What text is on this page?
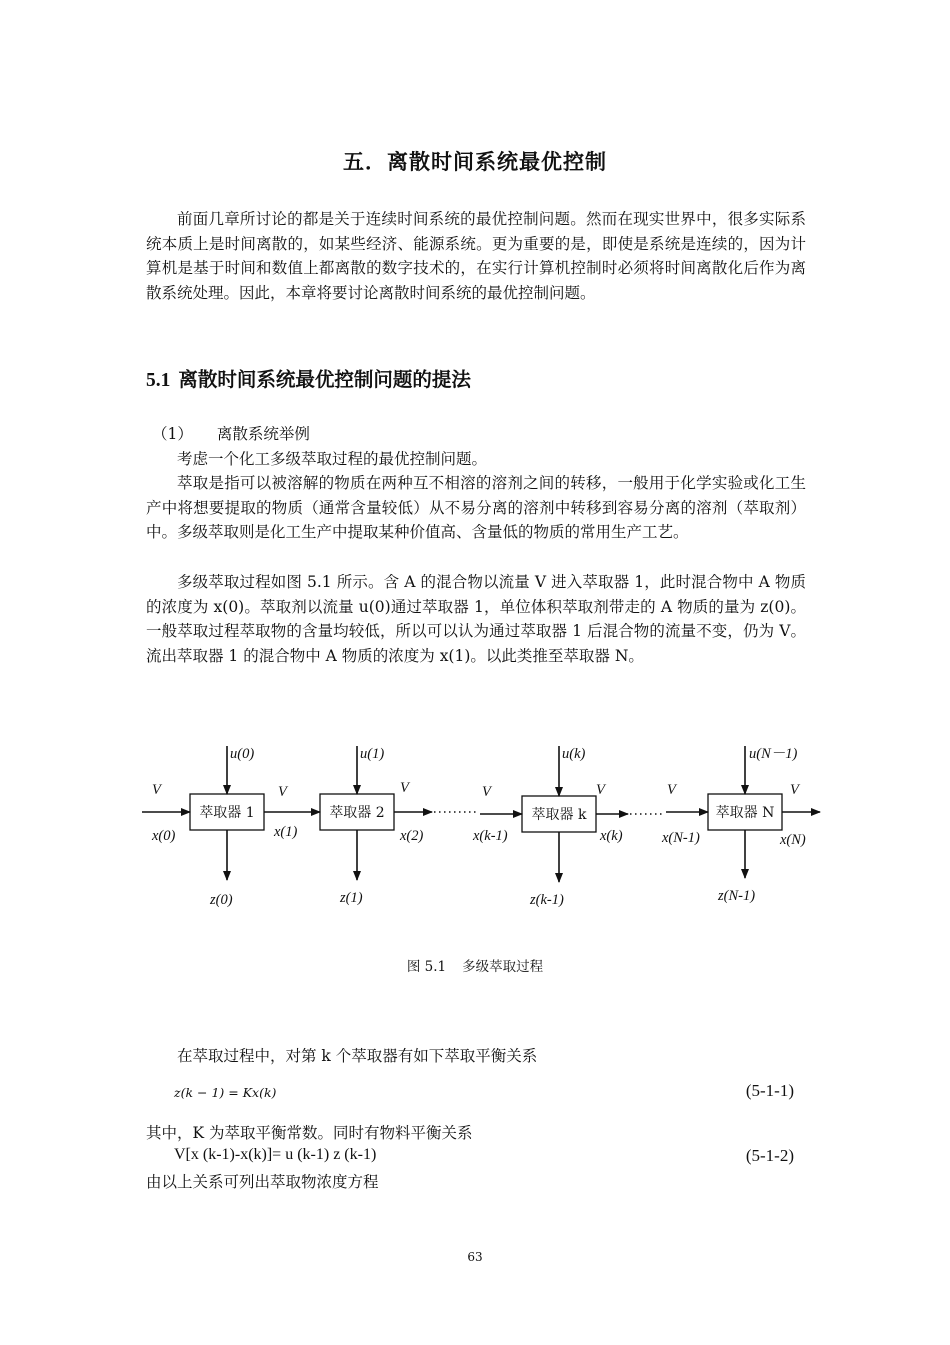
五．离散时间系统最优控制
前面几章所讨论的都是关于连续时间系统的最优控制问题。然而在现实世界中，很多实际系统本质上是时间离散的，如某些经济、能源系统。更为重要的是，即使是系统是连续的，因为计算机是基于时间和数值上都离散的数字技术的，在实行计算机控制时必须将时间离散化后作为离散系统处理。因此，本章将要讨论离散时间系统的最优控制问题。
5.1 离散时间系统最优控制问题的提法
（1） 离散系统举例
考虑一个化工多级萃取过程的最优控制问题。
萃取是指可以被溶解的物质在两种互不相溶的溶剂之间的转移，一般用于化学实验或化工生产中将想要提取的物质（通常含量较低）从不易分离的溶剂中转移到容易分离的溶剂（萃取剂）中。多级萃取则是化工生产中提取某种价值高、含量低的物质的常用生产工艺。
多级萃取过程如图 5.1 所示。含 A 的混合物以流量 V 进入萃取器 1，此时混合物中 A 物质的浓度为 x(0)。萃取剂以流量 u(0)通过萃取器 1，单位体积萃取剂带走的 A 物质的量为 z(0)。一般萃取过程萃取物的含量均较低，所以可以认为通过萃取器 1 后混合物的流量不变，仍为 V。流出萃取器 1 的混合物中 A 物质的浓度为 x(1)。以此类推至萃取器 N。
萃取器 1	萃取器 2	萃取器 k	萃取器 N
u(0)	u(1)	u(k)	u(N－1)
V	V	V	V	V	V	V
x(0)	x(1)	x(2)	x(k-1)	x(k)	x(N-1)	x(N)
z(0)	z(1)	z(k-1)	z(N-1)
图 5.1 多级萃取过程
在萃取过程中，对第 k 个萃取器有如下萃取平衡关系
z(k − 1) = Kx(k)	(5-1-1)
其中，K 为萃取平衡常数。同时有物料平衡关系
V[x (k-1)-x(k)]= u (k-1) z (k-1)	(5-1-2)
由以上关系可列出萃取物浓度方程
63
